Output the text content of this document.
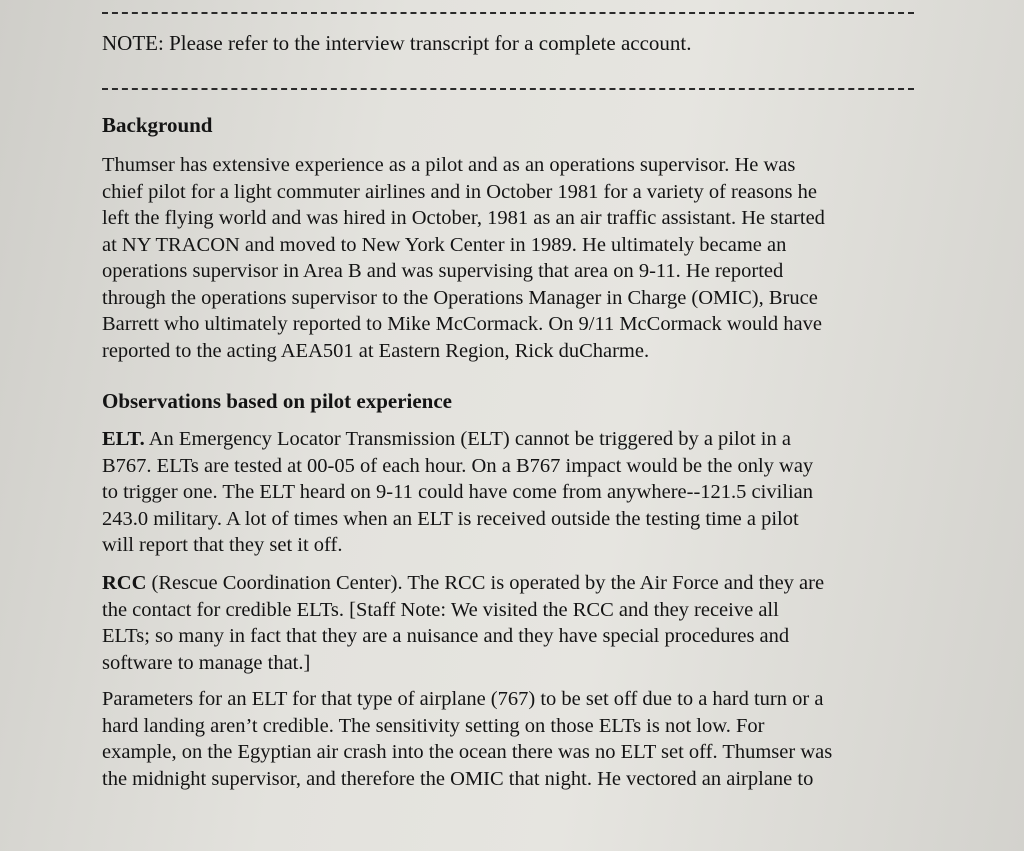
NOTE: Please refer to the interview transcript for a complete account.
Background
Thumser has extensive experience as a pilot and as an operations supervisor. He was
chief pilot for a light commuter airlines and in October 1981 for a variety of reasons he
left the flying world and was hired in October, 1981 as an air traffic assistant. He started
at NY TRACON and moved to New York Center in 1989. He ultimately became an
operations supervisor in Area B and was supervising that area on 9-11. He reported
through the operations supervisor to the Operations Manager in Charge (OMIC), Bruce
Barrett who ultimately reported to Mike McCormack. On 9/11 McCormack would have
reported to the acting AEA501 at Eastern Region, Rick duCharme.
Observations based on pilot experience
ELT. An Emergency Locator Transmission (ELT) cannot be triggered by a pilot in a
B767. ELTs are tested at 00-05 of each hour. On a B767 impact would be the only way
to trigger one. The ELT heard on 9-11 could have come from anywhere--121.5 civilian
243.0 military. A lot of times when an ELT is received outside the testing time a pilot
will report that they set it off.
RCC (Rescue Coordination Center). The RCC is operated by the Air Force and they are
the contact for credible ELTs. [Staff Note: We visited the RCC and they receive all
ELTs; so many in fact that they are a nuisance and they have special procedures and
software to manage that.]
Parameters for an ELT for that type of airplane (767) to be set off due to a hard turn or a
hard landing aren’t credible. The sensitivity setting on those ELTs is not low. For
example, on the Egyptian air crash into the ocean there was no ELT set off. Thumser was
the midnight supervisor, and therefore the OMIC that night. He vectored an airplane to
